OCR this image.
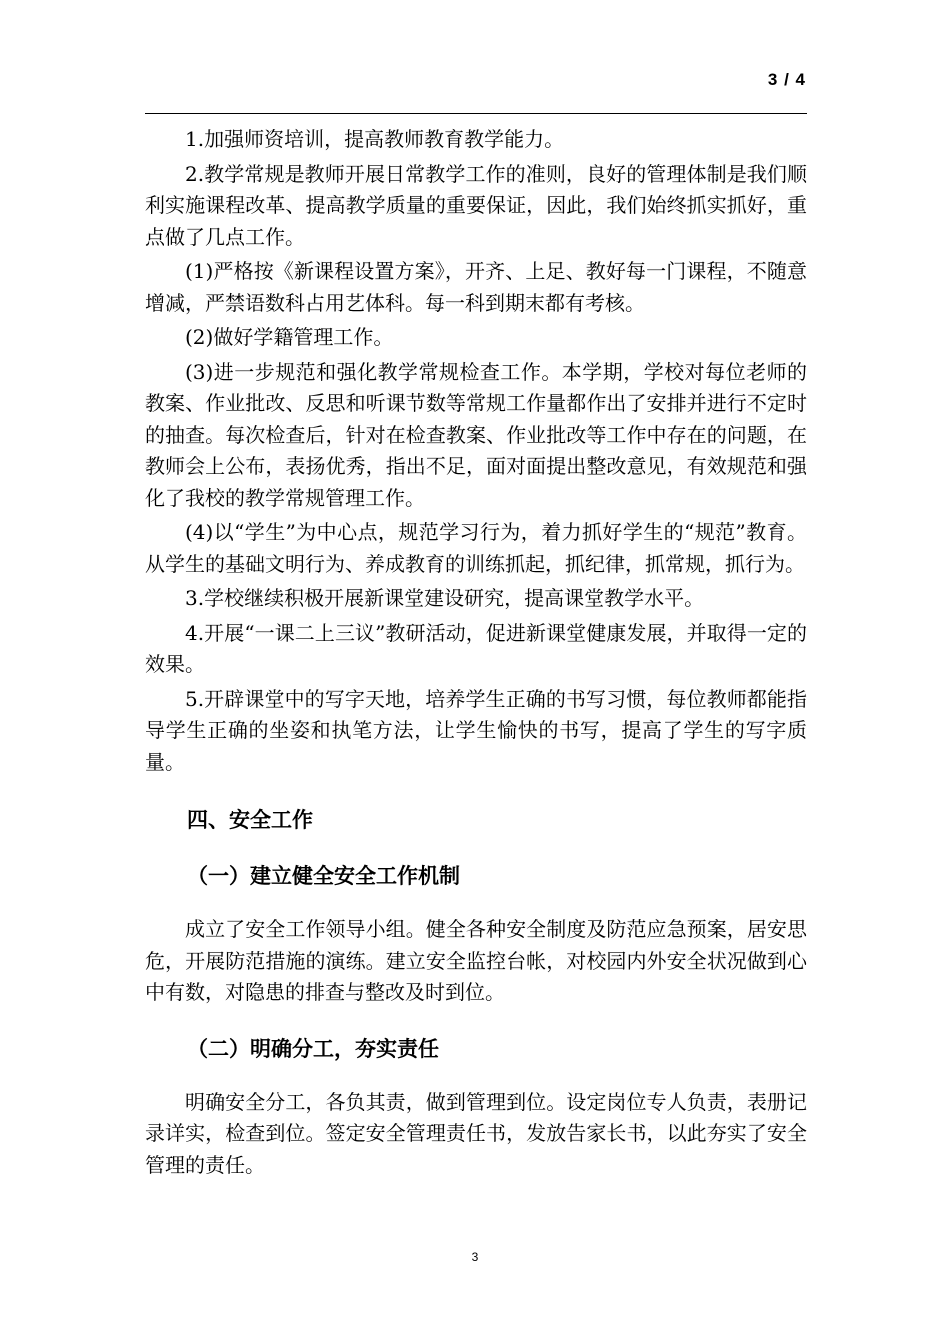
3 / 4

1.加强师资培训，提高教师教育教学能力。

2.教学常规是教师开展日常教学工作的准则，良好的管理体制是我们顺利实施课程改革、提高教学质量的重要保证，因此，我们始终抓实抓好，重点做了几点工作。

(1)严格按《新课程设置方案》，开齐、上足、教好每一门课程，不随意增减，严禁语数科占用艺体科。每一科到期末都有考核。

(2)做好学籍管理工作。

(3)进一步规范和强化教学常规检查工作。本学期，学校对每位老师的教案、作业批改、反思和听课节数等常规工作量都作出了安排并进行不定时的抽查。每次检查后，针对在检查教案、作业批改等工作中存在的问题，在教师会上公布，表扬优秀，指出不足，面对面提出整改意见，有效规范和强化了我校的教学常规管理工作。

(4)以“学生”为中心点，规范学习行为，着力抓好学生的“规范”教育。从学生的基础文明行为、养成教育的训练抓起，抓纪律，抓常规，抓行为。

3.学校继续积极开展新课堂建设研究，提高课堂教学水平。

4.开展“一课二上三议”教研活动，促进新课堂健康发展，并取得一定的效果。

5.开辟课堂中的写字天地，培养学生正确的书写习惯，每位教师都能指导学生正确的坐姿和执笔方法，让学生愉快的书写，提高了学生的写字质量。

四、安全工作
（一）建立健全安全工作机制

成立了安全工作领导小组。健全各种安全制度及防范应急预案，居安思危，开展防范措施的演练。建立安全监控台帐，对校园内外安全状况做到心中有数，对隐患的排查与整改及时到位。

（二）明确分工，夯实责任

明确安全分工，各负其责，做到管理到位。设定岗位专人负责，表册记录详实，检查到位。签定安全管理责任书，发放告家长书，以此夯实了安全管理的责任。

3
